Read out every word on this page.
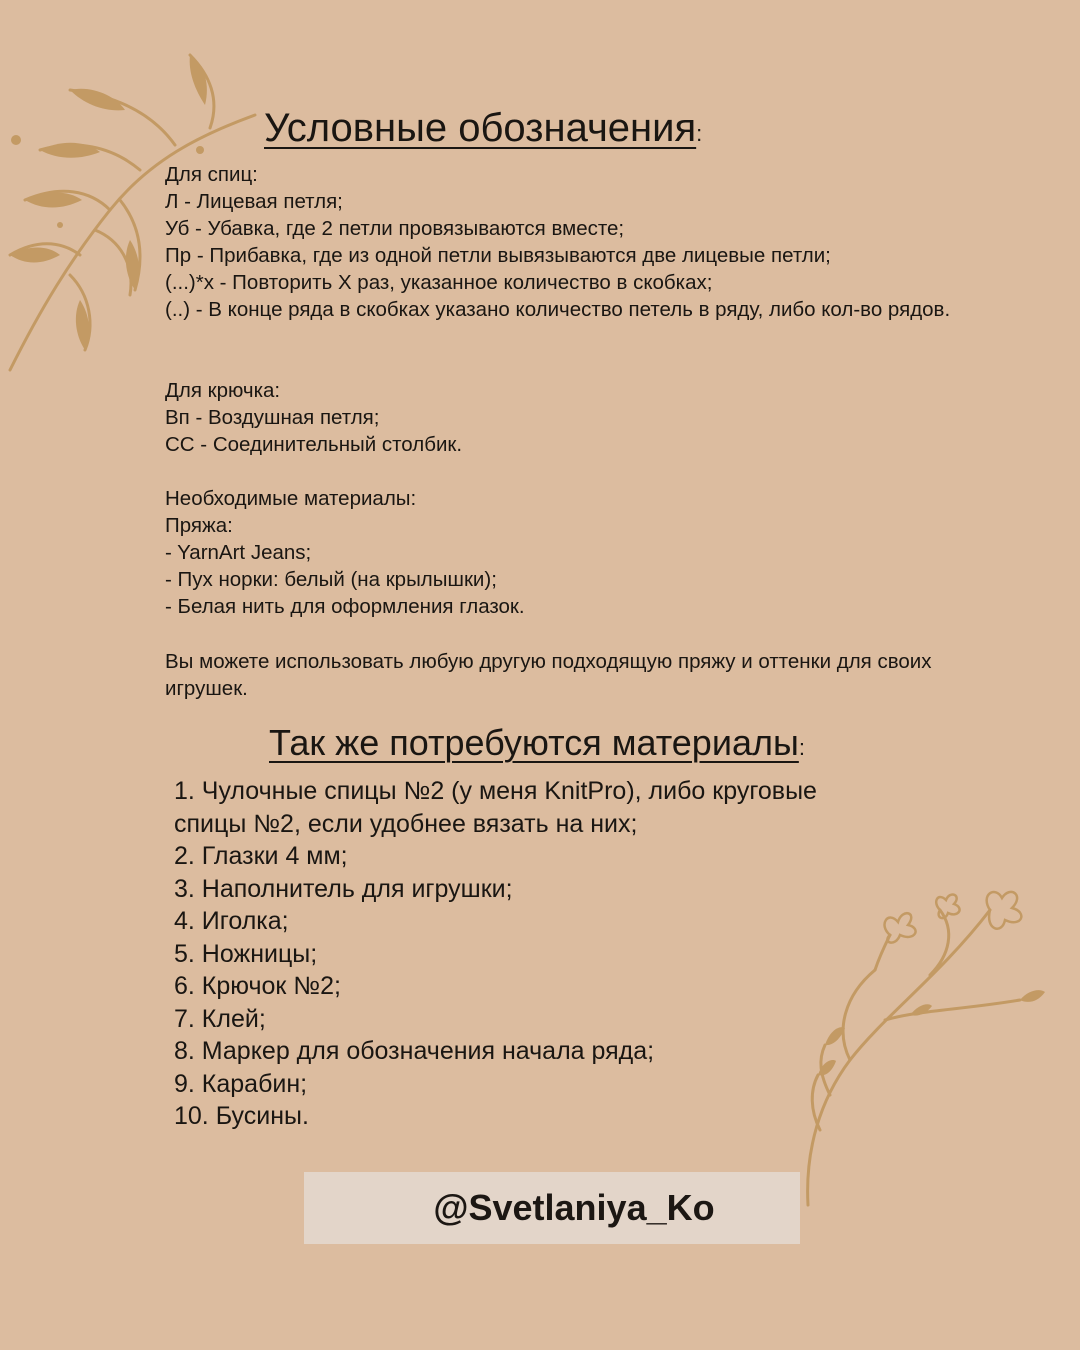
Условные обозначения:

Для спиц:

Л - Лицевая петля;

Уб - Убавка, где 2 петли провязываются вместе;

Пр - Прибавка, где из одной петли вывязываются две лицевые петли;

(...)*х - Повторить Х раз, указанное количество в скобках;

(..) - В конце ряда в скобках указано количество петель в ряду, либо кол-во рядов.

Для крючка:

Вп - Воздушная петля;

СС - Соединительный столбик.

Необходимые материалы:

Пряжа:

- YarnArt Jeans;

- Пух норки: белый (на крылышки);

- Белая нить для оформления глазок.

Вы можете использовать любую другую подходящую пряжу и оттенки для своих игрушек.

Так же потребуются материалы:
1. Чулочные спицы №2 (у меня KnitPro), либо круговые спицы №2, если удобнее вязать на них;
2. Глазки 4 мм;
3. Наполнитель для игрушки;
4. Иголка;
5. Ножницы;
6. Крючок №2;
7. Клей;
8. Маркер для обозначения начала ряда;
9. Карабин;
10. Бусины.
@Svetlaniya_Ko
